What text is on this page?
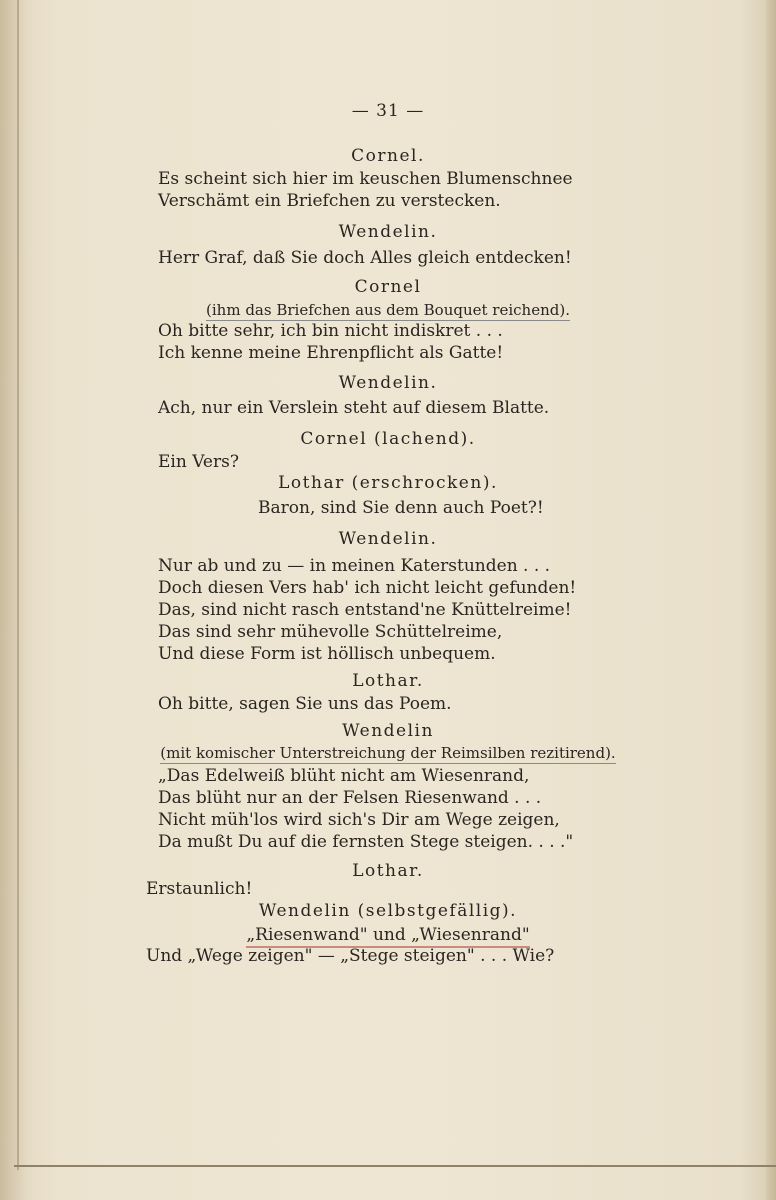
— 31 —
Cornel.
Es scheint sich hier im keuschen Blumenschnee
Verschämt ein Briefchen zu verstecken.
Wendelin.
Herr Graf, daß Sie doch Alles gleich entdecken!
Cornel
(ihm das Briefchen aus dem Bouquet reichend).
Oh bitte sehr, ich bin nicht indiskret . . .
Ich kenne meine Ehrenpflicht als Gatte!
Wendelin.
Ach, nur ein Verslein steht auf diesem Blatte.
Cornel (lachend).
Ein Vers?
Lothar (erschrocken).
Baron, sind Sie denn auch Poet?!
Wendelin.
Nur ab und zu — in meinen Katerstunden . . .
Doch diesen Vers hab' ich nicht leicht gefunden!
Das, sind nicht rasch entstand'ne Knüttelreime!
Das sind sehr mühevolle Schüttelreime,
Und diese Form ist höllisch unbequem.
Lothar.
Oh bitte, sagen Sie uns das Poem.
Wendelin
(mit komischer Unterstreichung der Reimsilben rezitirend).
„Das Edelweiß blüht nicht am Wiesenrand,
Das blüht nur an der Felsen Riesenwand . . .
Nicht müh'los wird sich's Dir am Wege zeigen,
Da mußt Du auf die fernsten Stege steigen. . . ."
Lothar.
Erstaunlich!
Wendelin (selbstgefällig).
„Riesenwand" und „Wiesenrand"
Und „Wege zeigen" — „Stege steigen" . . . Wie?
